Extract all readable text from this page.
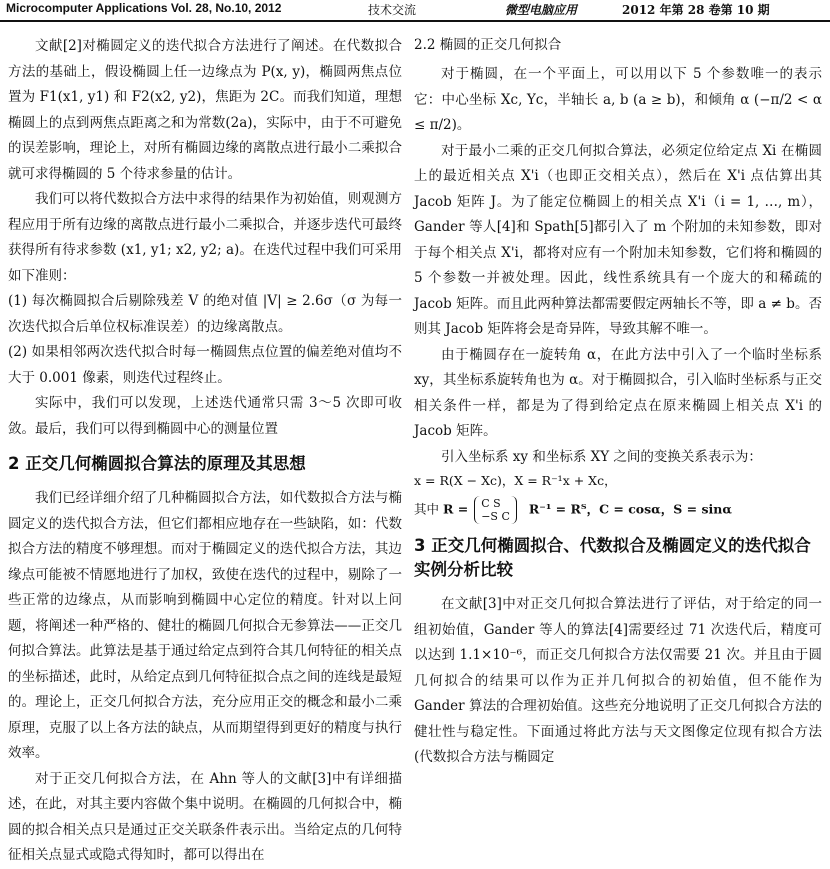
Microcomputer Applications Vol. 28, No.10, 2012	技术交流	微型电脑应用	2012 年第 28 卷第 10 期

文献[2]对椭圆定义的迭代拟合方法进行了阐述。在代数拟合方法的基础上，假设椭圆上任一边缘点为 P(x, y)，椭圆两焦点位置为 F1(x1, y1) 和 F2(x2, y2)，焦距为 2C。而我们知道，理想椭圆上的点到两焦点距离之和为常数(2a)，实际中，由于不可避免的误差影响，理论上，对所有椭圆边缘的离散点进行最小二乘拟合就可求得椭圆的 5 个待求参量的估计。

我们可以将代数拟合方法中求得的结果作为初始值，则观测方程应用于所有边缘的离散点进行最小二乘拟合，并逐步迭代可最终获得所有待求参数 (x1, y1; x2, y2; a)。在迭代过程中我们可采用如下准则：

(1) 每次椭圆拟合后剔除残差 V 的绝对值 |V| ≥ 2.6σ（σ 为每一次迭代拟合后单位权标准误差）的边缘离散点。

(2) 如果相邻两次迭代拟合时每一椭圆焦点位置的偏差绝对值均不大于 0.001 像素，则迭代过程终止。

实际中，我们可以发现，上述迭代通常只需 3～5 次即可收敛。最后，我们可以得到椭圆中心的测量位置

2 正交几何椭圆拟合算法的原理及其思想

我们已经详细介绍了几种椭圆拟合方法，如代数拟合方法与椭圆定义的迭代拟合方法，但它们都相应地存在一些缺陷，如：代数拟合方法的精度不够理想。而对于椭圆定义的迭代拟合方法，其边缘点可能被不情愿地进行了加权，致使在迭代的过程中，剔除了一些正常的边缘点，从而影响到椭圆中心定位的精度。针对以上问题，将阐述一种严格的、健壮的椭圆几何拟合无参算法——正交几何拟合算法。此算法是基于通过给定点到符合其几何特征的相关点的坐标描述，此时，从给定点到几何特征拟合点之间的连线是最短的。理论上，正交几何拟合方法，充分应用正交的概念和最小二乘原理，克服了以上各方法的缺点，从而期望得到更好的精度与执行效率。

对于正交几何拟合方法，在 Ahn 等人的文献[3]中有详细描述，在此，对其主要内容做个集中说明。在椭圆的几何拟合中，椭圆的拟合相关点只是通过正交关联条件表示出。当给定点的几何特征相关点显式或隐式得知时，都可以得出在

2.2 椭圆的正交几何拟合

对于椭圆，在一个平面上，可以用以下 5 个参数唯一的表示它：中心坐标 Xc, Yc，半轴长 a, b (a ≥ b)，和倾角 α (−π/2 < α ≤ π/2)。

对于最小二乘的正交几何拟合算法，必须定位给定点 Xi 在椭圆上的最近相关点 X'i（也即正交相关点），然后在 X'i 点估算出其 Jacob 矩阵 J。为了能定位椭圆上的相关点 X'i（i = 1, …, m），Gander 等人[4]和 Spath[5]都引入了 m 个附加的未知参数，即对于每个相关点 X'i，都将对应有一个附加未知参数，它们将和椭圆的 5 个参数一并被处理。因此，线性系统具有一个庞大的和稀疏的 Jacob 矩阵。而且此两种算法都需要假定两轴长不等，即 a ≠ b。否则其 Jacob 矩阵将会是奇异阵，导致其解不唯一。

由于椭圆存在一旋转角 α，在此方法中引入了一个临时坐标系 xy，其坐标系旋转角也为 α。对于椭圆拟合，引入临时坐标系与正交相关条件一样，都是为了得到给定点在原来椭圆上相关点 X'i 的 Jacob 矩阵。

引入坐标系 xy 和坐标系 XY 之间的变换关系表示为：

x = R(X − Xc)，X = R⁻¹x + Xc，
其中 R = C S
−S C R⁻¹ = Rᵀ，C = cosα，S = sinα
3 正交几何椭圆拟合、代数拟合及椭圆定义的迭代拟合实例分析比较

在文献[3]中对正交几何拟合算法进行了评估，对于给定的同一组初始值，Gander 等人的算法[4]需要经过 71 次迭代后，精度可以达到 1.1×10⁻⁶，而正交几何拟合方法仅需要 21 次。并且由于圆几何拟合的结果可以作为正并几何拟合的初始值，但不能作为 Gander 算法的合理初始值。这些充分地说明了正交几何拟合方法的健壮性与稳定性。下面通过将此方法与天文图像定位现有拟合方法(代数拟合方法与椭圆定
